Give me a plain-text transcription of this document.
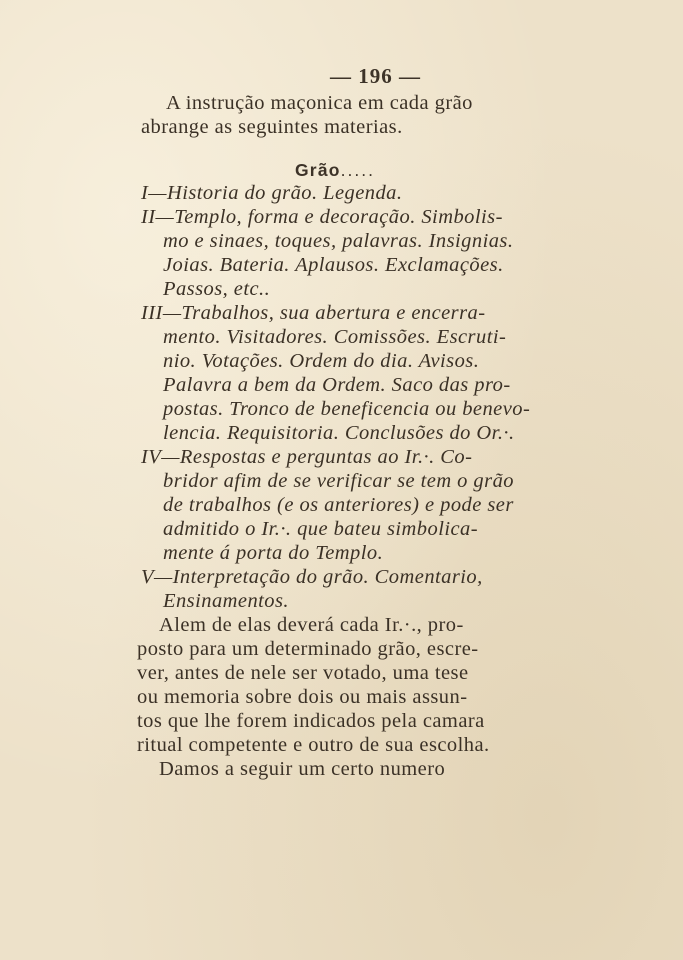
— 196 —
A instrução maçonica em cada grão
abrange as seguintes materias.
Grão.....
I—Historia do grão. Legenda.
II—Templo, forma e decoração. Simbolis-
mo e sinaes, toques, palavras. Insignias.
Joias. Bateria. Aplausos. Exclamações.
Passos, etc..
III—Trabalhos, sua abertura e encerra-
mento. Visitadores. Comissões. Escruti-
nio. Votações. Ordem do dia. Avisos.
Palavra a bem da Ordem. Saco das pro-
postas. Tronco de beneficencia ou benevo-
lencia. Requisitoria. Conclusões do Or.·.
IV—Respostas e perguntas ao Ir.·. Co-
bridor afim de se verificar se tem o grão
de trabalhos (e os anteriores) e pode ser
admitido o Ir.·. que bateu simbolica-
mente á porta do Templo.
V—Interpretação do grão. Comentario,
Ensinamentos.
Alem de elas deverá cada Ir.·., pro-
posto para um determinado grão, escre-
ver, antes de nele ser votado, uma tese
ou memoria sobre dois ou mais assun-
tos que lhe forem indicados pela camara
ritual competente e outro de sua escolha.
Damos a seguir um certo numero
